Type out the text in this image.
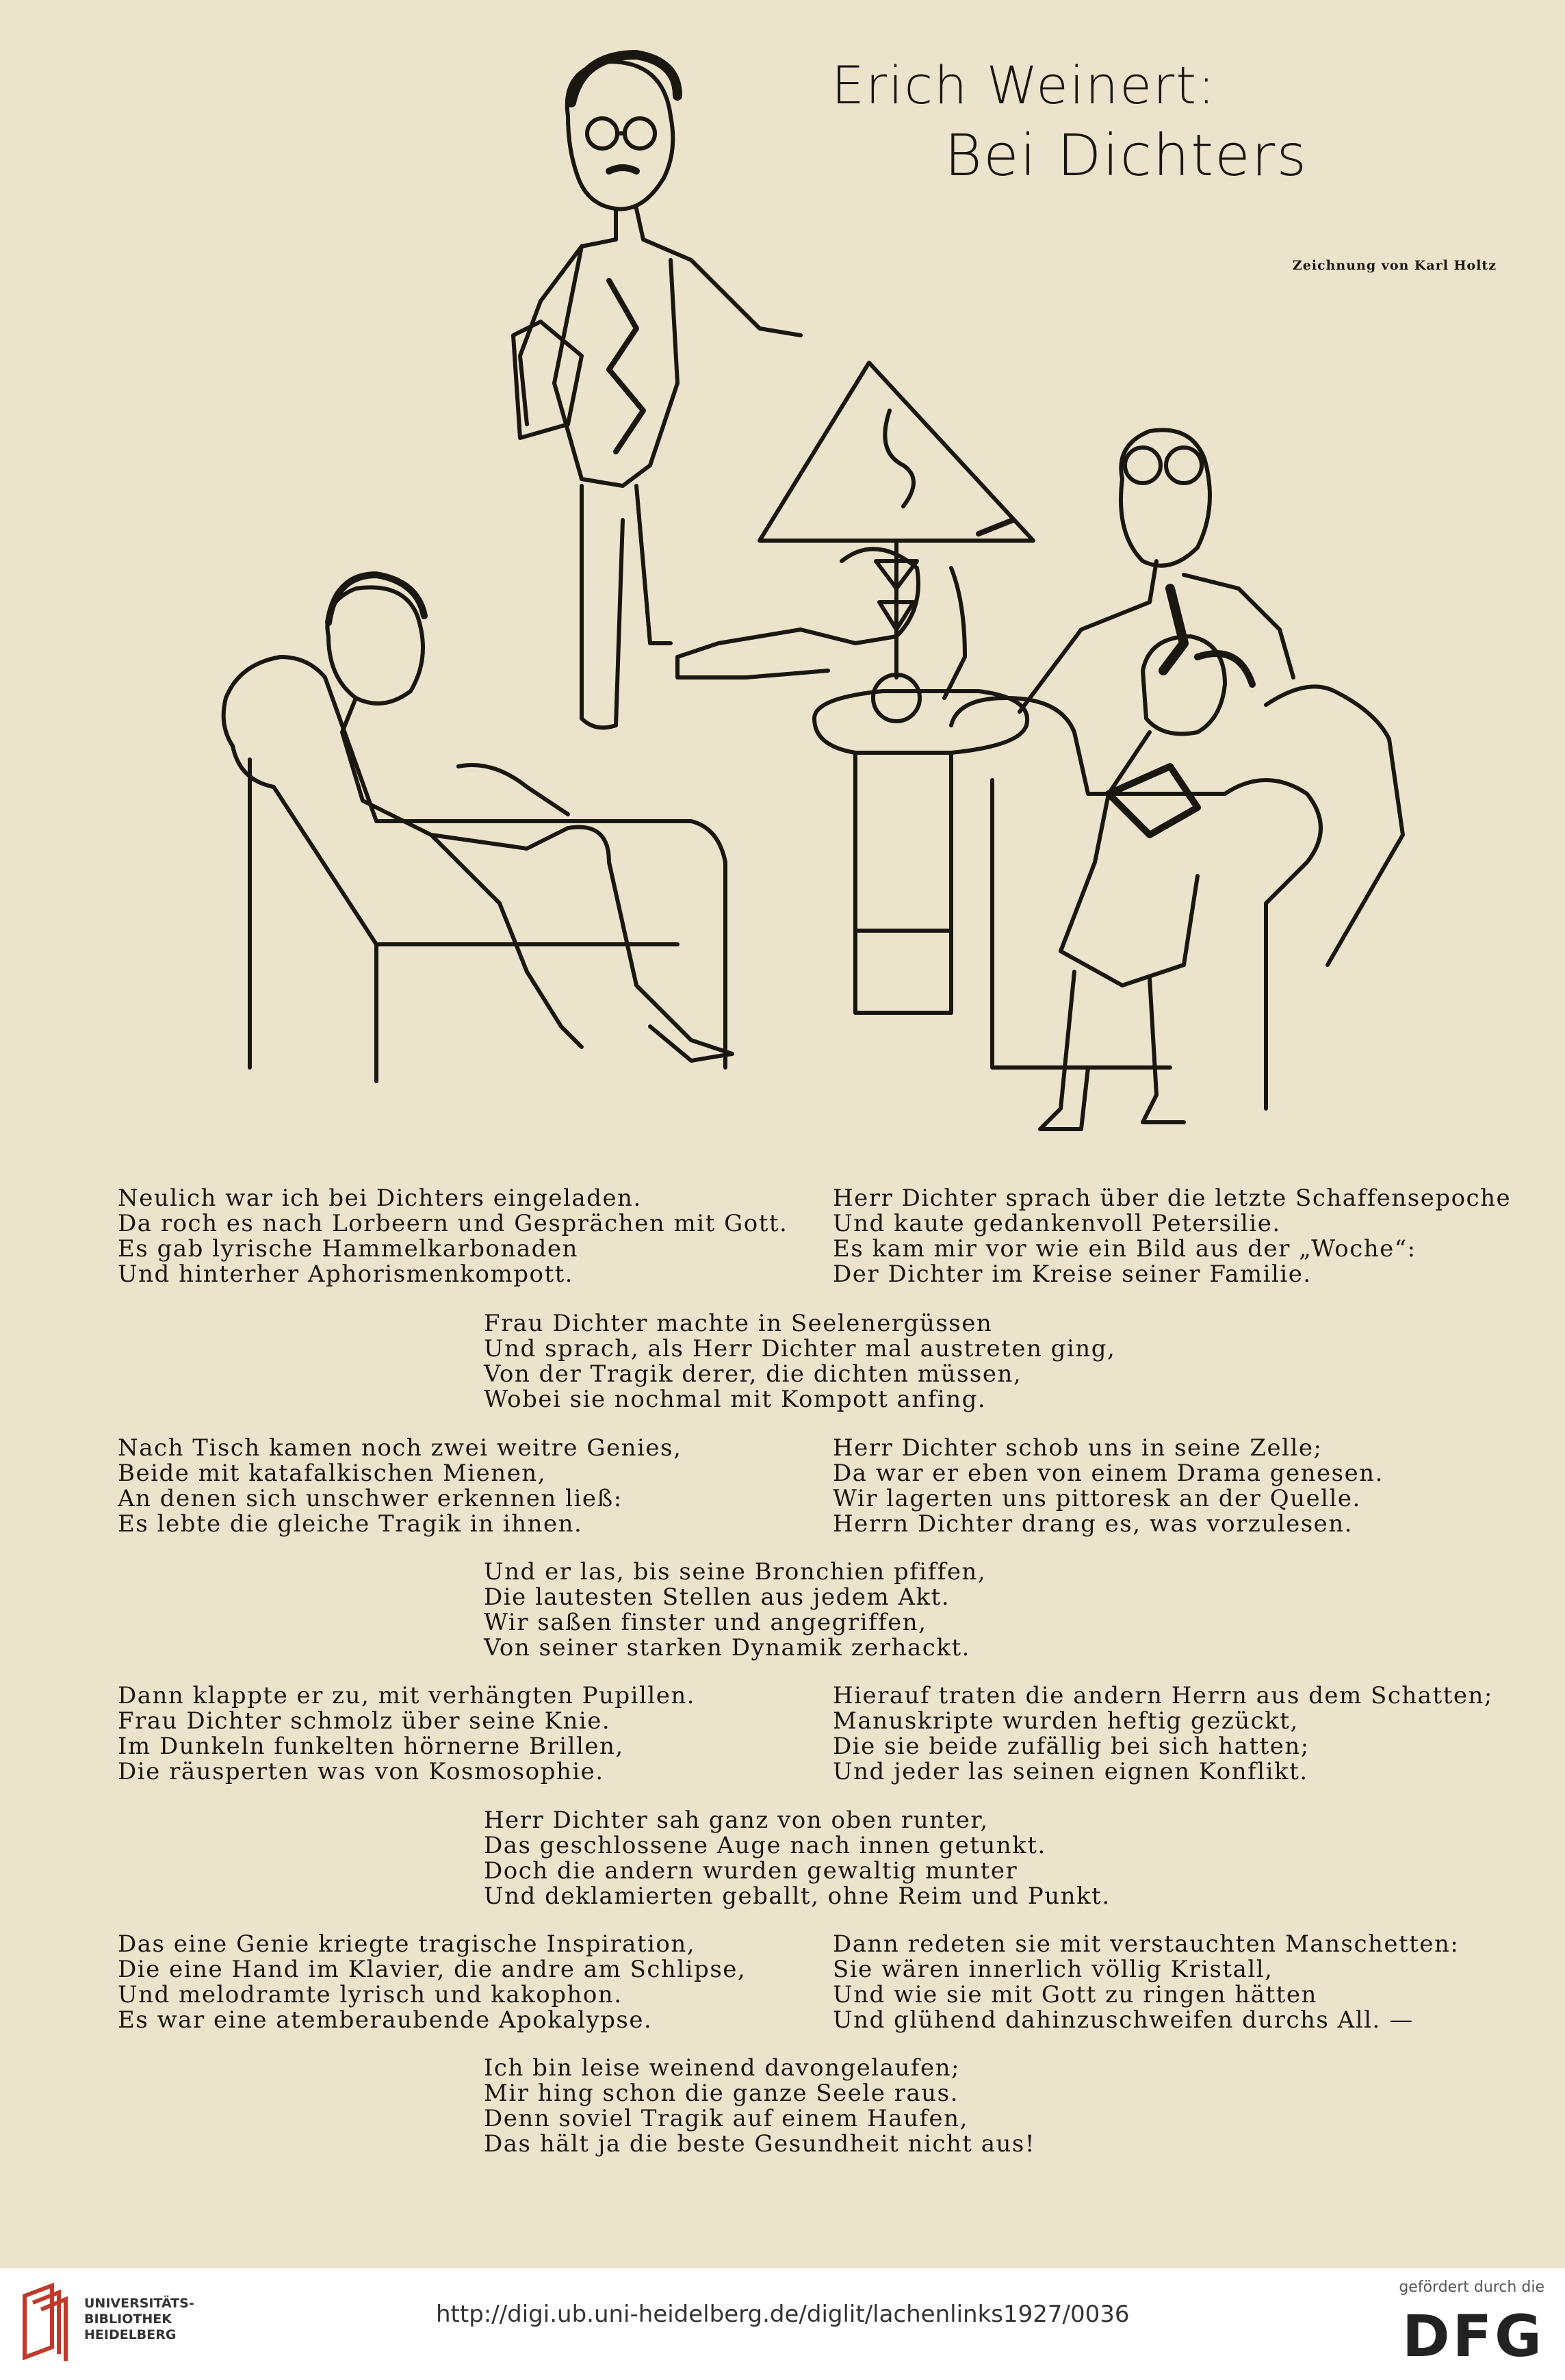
Erich Weinert:
Bei Dichters
Zeichnung von Karl Holtz

Neulich war ich bei Dichters eingeladen.
Da roch es nach Lorbeern und Gesprächen mit Gott.
Es gab lyrische Hammelkarbonaden
Und hinterher Aphorismenkompott.

Herr Dichter sprach über die letzte Schaffensepoche
Und kaute gedankenvoll Petersilie.
Es kam mir vor wie ein Bild aus der „Woche“:
Der Dichter im Kreise seiner Familie.

Frau Dichter machte in Seelenergüssen
Und sprach, als Herr Dichter mal austreten ging,
Von der Tragik derer, die dichten müssen,
Wobei sie nochmal mit Kompott anfing.

Nach Tisch kamen noch zwei weitre Genies,
Beide mit katafalkischen Mienen,
An denen sich unschwer erkennen ließ:
Es lebte die gleiche Tragik in ihnen.

Herr Dichter schob uns in seine Zelle;
Da war er eben von einem Drama genesen.
Wir lagerten uns pittoresk an der Quelle.
Herrn Dichter drang es, was vorzulesen.

Und er las, bis seine Bronchien pfiffen,
Die lautesten Stellen aus jedem Akt.
Wir saßen finster und angegriffen,
Von seiner starken Dynamik zerhackt.

Dann klappte er zu, mit verhängten Pupillen.
Frau Dichter schmolz über seine Knie.
Im Dunkeln funkelten hörnerne Brillen,
Die räusperten was von Kosmosophie.

Hierauf traten die andern Herrn aus dem Schatten;
Manuskripte wurden heftig gezückt,
Die sie beide zufällig bei sich hatten;
Und jeder las seinen eignen Konflikt.

Herr Dichter sah ganz von oben runter,
Das geschlossene Auge nach innen getunkt.
Doch die andern wurden gewaltig munter
Und deklamierten geballt, ohne Reim und Punkt.

Das eine Genie kriegte tragische Inspiration,
Die eine Hand im Klavier, die andre am Schlipse,
Und melodramte lyrisch und kakophon.
Es war eine atemberaubende Apokalypse.

Dann redeten sie mit verstauchten Manschetten:
Sie wären innerlich völlig Kristall,
Und wie sie mit Gott zu ringen hätten
Und glühend dahinzuschweifen durchs All. —

Ich bin leise weinend davongelaufen;
Mir hing schon die ganze Seele raus.
Denn soviel Tragik auf einem Haufen,
Das hält ja die beste Gesundheit nicht aus!

UNIVERSITÄTS-
BIBLIOTHEK
HEIDELBERG
http://digi.ub.uni-heidelberg.de/diglit/lachenlinks1927/0036
gefördert durch die
DFG
